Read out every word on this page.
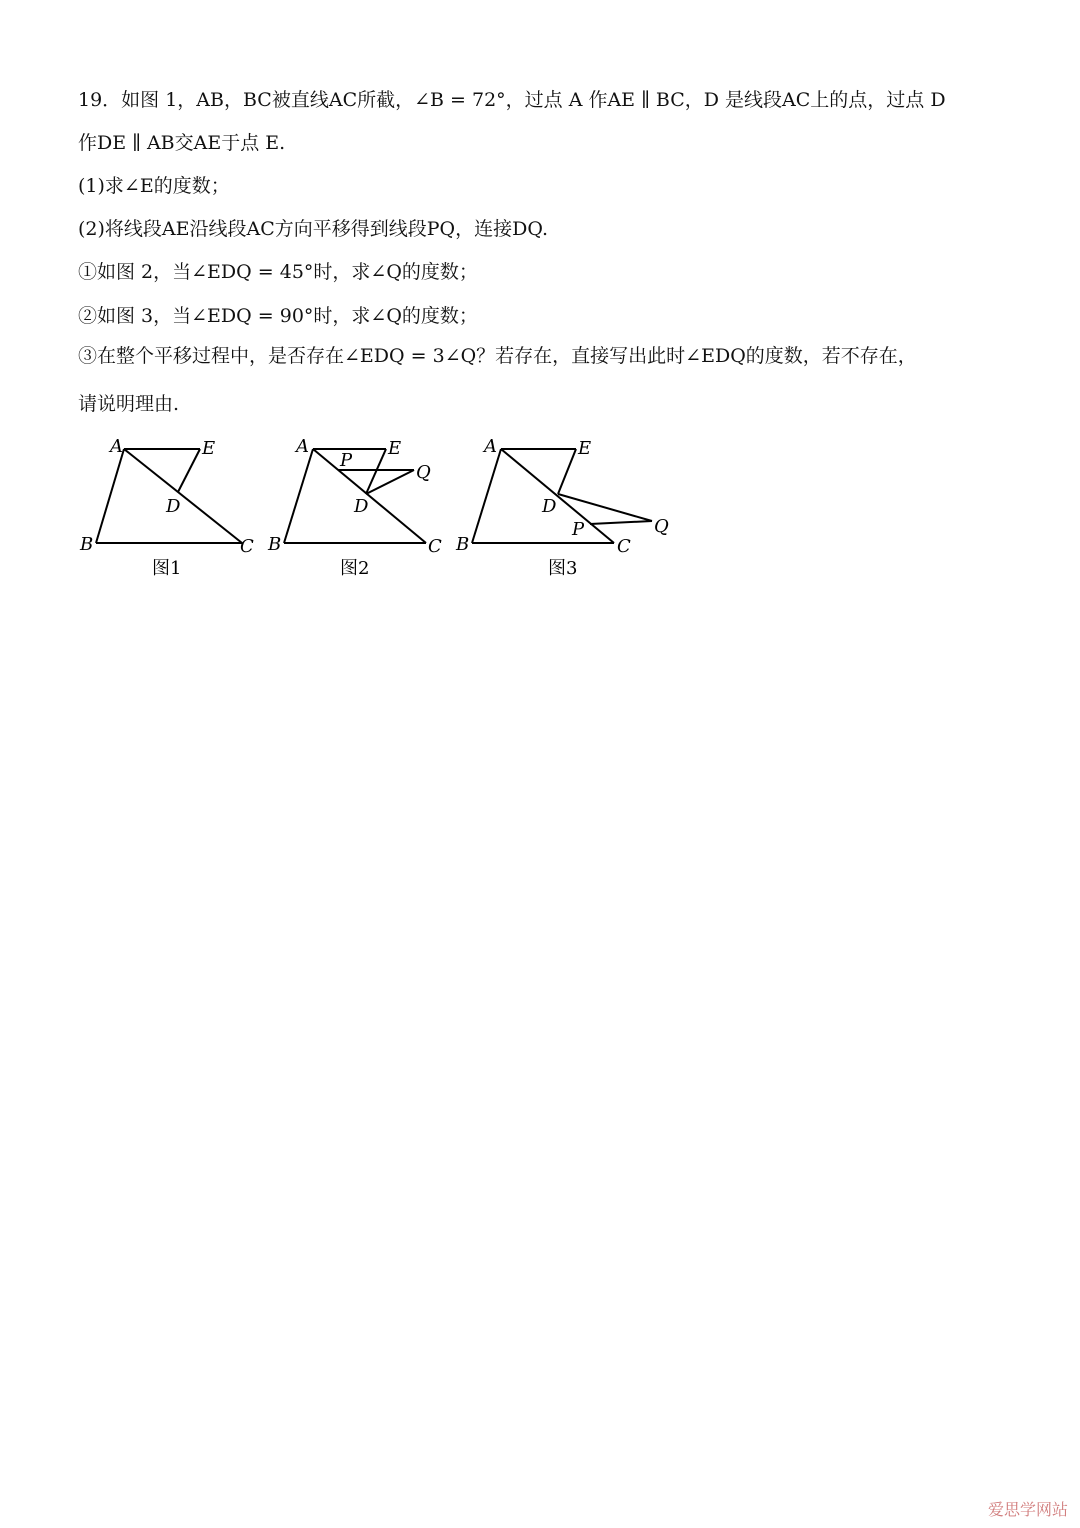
19．如图 1，AB，BC被直线AC所截，∠B = 72°，过点 A 作AE ∥ BC，D 是线段AC上的点，过点 D
作DE ∥ AB交AE于点 E.
(1)求∠E的度数；
(2)将线段AE沿线段AC方向平移得到线段PQ，连接DQ.
①如图 2，当∠EDQ = 45°时，求∠Q的度数；
②如图 3，当∠EDQ = 90°时，求∠Q的度数；
③在整个平移过程中，是否存在∠EDQ = 3∠Q？若存在，直接写出此时∠EDQ的度数，若不存在，
请说明理由.
A	E
D
B	C
图1
A	E
P
Q
D
B	C
图2
A	E
D
P	Q
B	C
图3
爱思学网站
